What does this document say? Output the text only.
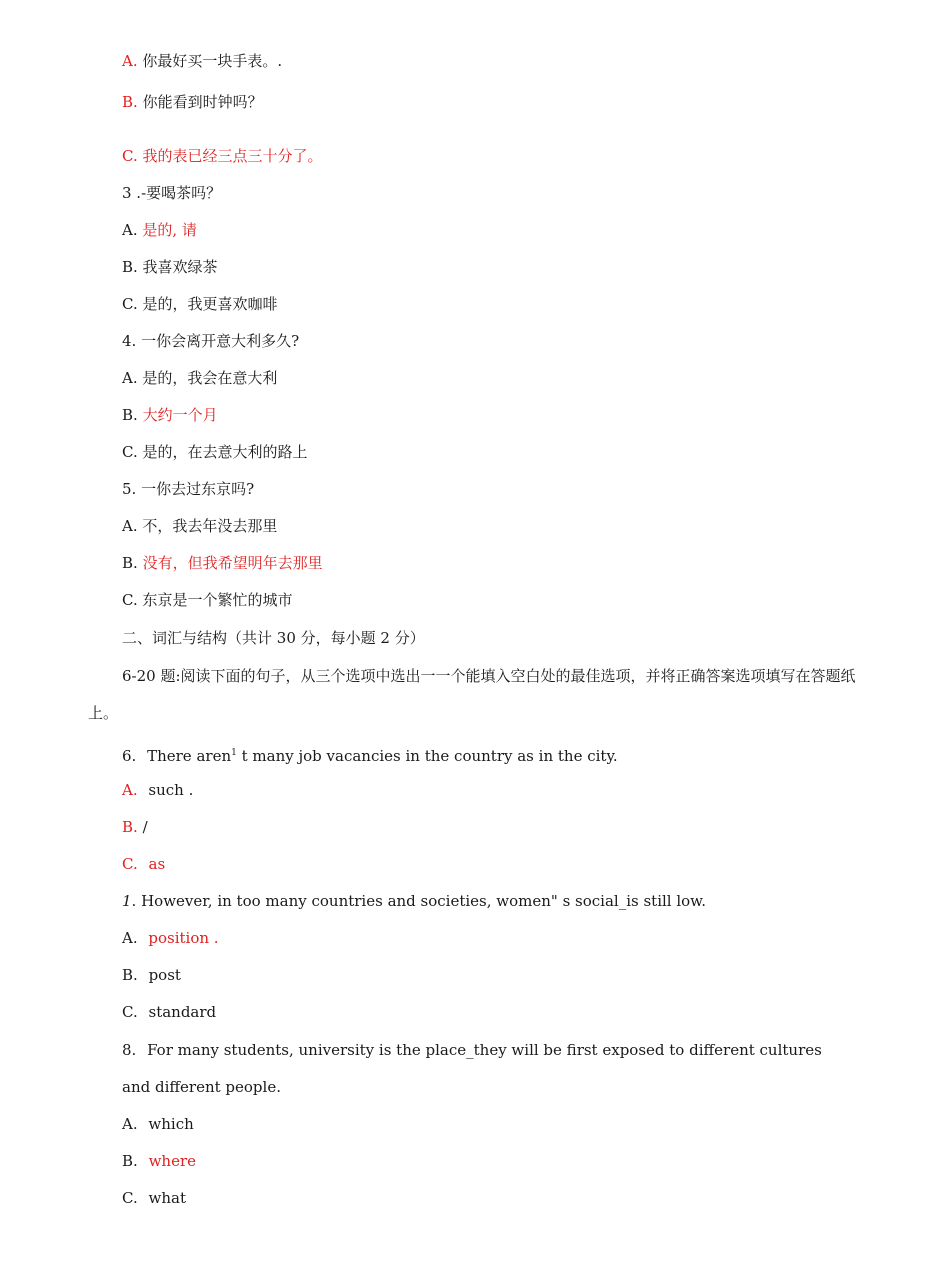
A. 你最好买一块手表。.
B. 你能看到时钟吗？
C. 我的表已经三点三十分了。
3 .-要喝茶吗？
A. 是的, 请
B. 我喜欢绿茶
C. 是的，我更喜欢咖啡
4. 一你会离开意大利多久?
A. 是的，我会在意大利
B. 大约一个月
C. 是的，在去意大利的路上
5. 一你去过东京吗?
A. 不，我去年没去那里
B. 没有，但我希望明年去那里
C. 东京是一个繁忙的城市
二、词汇与结构（共计 30 分，每小题 2 分）
6-20 题:阅读下面的句子，从三个选项中选出一一个能填入空白处的最佳选项，并将正确答案选项填写在答题纸上。
6. There aren$^1$ t many job vacancies in the country as in the city.
A. such .
B. /
C. as
1. However, in too many countries and societies, women" s social_is still low.
A. position .
B. post
C. standard
8. For many students, university is the place_they will be first exposed to different cultures
and different people.
A. which
B. where
C. what
